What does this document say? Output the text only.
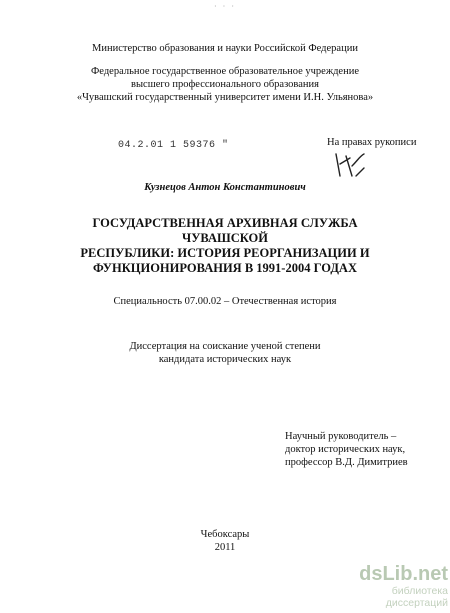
· · ·
Министерство образования и науки Российской Федерации
Федеральное государственное образовательное учреждение
высшего профессионального образования
«Чувашский государственный университет имени И.Н. Ульянова»
04.2.01 1 59376 "	На правах рукописи
Кузнецов Антон Константинович
ГОСУДАРСТВЕННАЯ АРХИВНАЯ СЛУЖБА ЧУВАШСКОЙ
РЕСПУБЛИКИ: ИСТОРИЯ РЕОРГАНИЗАЦИИ И
ФУНКЦИОНИРОВАНИЯ В 1991-2004 ГОДАХ
Специальность 07.00.02 – Отечественная история
Диссертация на соискание ученой степени
кандидата исторических наук
Научный руководитель –
доктор исторических наук,
профессор В.Д. Димитриев
Чебоксары
2011
dsLib.net
библиотека диссертаций
